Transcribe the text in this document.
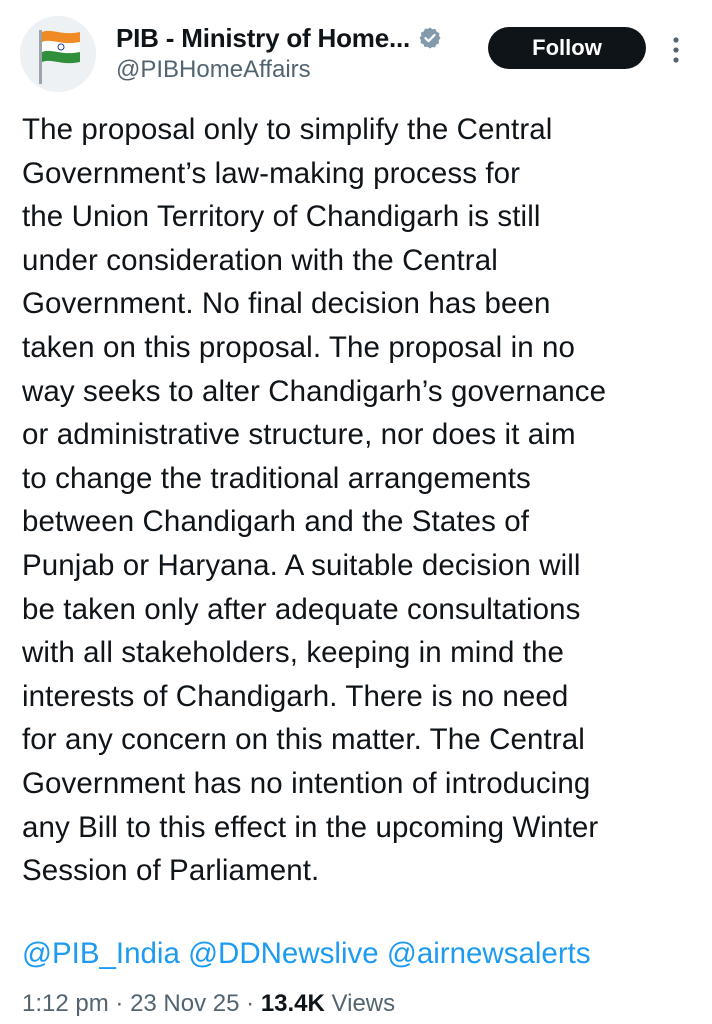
PIB - Ministry of Home...
@PIBHomeAffairs
Follow
The proposal only to simplify the Central
Government’s law-making process for
the Union Territory of Chandigarh is still
under consideration with the Central
Government. No final decision has been
taken on this proposal. The proposal in no
way seeks to alter Chandigarh’s governance
or administrative structure, nor does it aim
to change the traditional arrangements
between Chandigarh and the States of
Punjab or Haryana. A suitable decision will
be taken only after adequate consultations
with all stakeholders, keeping in mind the
interests of Chandigarh. There is no need
for any concern on this matter. The Central
Government has no intention of introducing
any Bill to this effect in the upcoming Winter
Session of Parliament.
@PIB_India @DDNewslive @airnewsalerts
1:12 pm · 23 Nov 25 · 13.4K Views
